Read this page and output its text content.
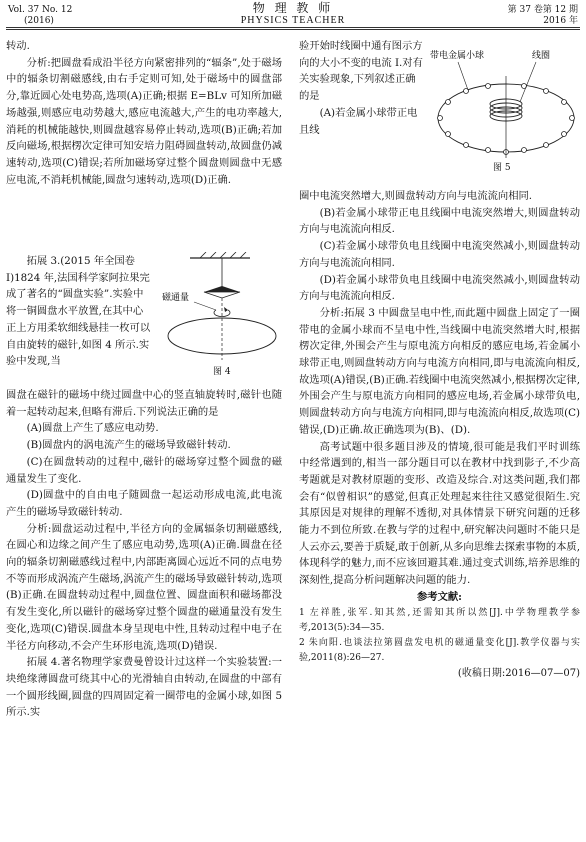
Vol. 37 No. 12
(2016)
物 理 教 师
PHYSICS TEACHER
第 37 卷第 12 期
2016 年

转动.

分析:把圆盘看成沿半径方向紧密排列的“辐条”,处于磁场中的辐条切割磁感线,由右手定则可知,处于磁场中的圆盘部分,靠近圆心处电势高,选项(A)正确;根据 E=BLv 可知所加磁场越强,则感应电动势越大,感应电流越大,产生的电功率越大,消耗的机械能越快,则圆盘越容易停止转动,选项(B)正确;若加反向磁场,根据楞次定律可知安培力阻碍圆盘转动,故圆盘仍减速转动,选项(C)错误;若所加磁场穿过整个圆盘则圆盘中无感应电流,不消耗机械能,圆盘匀速转动,选项(D)正确.

拓展 3.(2015 年全国卷Ⅰ)1824 年,法国科学家阿拉果完成了著名的“圆盘实验”.实验中将一铜圆盘水平放置,在其中心正上方用柔软细线悬挂一枚可以自由旋转的磁针,如图 4 所示.实验中发现,当

磁通量
图 4

圆盘在磁针的磁场中绕过圆盘中心的竖直轴旋转时,磁针也随着一起转动起来,但略有滞后.下列说法正确的是

(A)圆盘上产生了感应电动势.

(B)圆盘内的涡电流产生的磁场导致磁针转动.

(C)在圆盘转动的过程中,磁针的磁场穿过整个圆盘的磁通量发生了变化.

(D)圆盘中的自由电子随圆盘一起运动形成电流,此电流产生的磁场导致磁针转动.

分析:圆盘运动过程中,半径方向的金属辐条切割磁感线,在圆心和边缘之间产生了感应电动势,选项(A)正确.圆盘在径向的辐条切割磁感线过程中,内部距离圆心远近不同的点电势不等而形成涡流产生磁场,涡流产生的磁场导致磁针转动,选项(B)正确.在圆盘转动过程中,圆盘位置、圆盘面积和磁场都没有发生变化,所以磁针的磁场穿过整个圆盘的磁通量没有发生变化,选项(C)错误.圆盘本身呈现电中性,且转动过程中电子在半径方向移动,不会产生环形电流,选项(D)错误.

拓展 4.著名物理学家费曼曾设计过这样一个实验装置:一块绝缘薄圆盘可绕其中心的光滑轴自由转动,在圆盘的中部有一个圆形线圈,圆盘的四周固定着一圈带电的金属小球,如图 5 所示.实

验开始时线圈中通有图示方向的大小不变的电流 I.对有关实验现象,下列叙述正确的是

(A)若金属小球带正电且线

带电金属小球	线圈
图 5

圈中电流突然增大,则圆盘转动方向与电流流向相同.

(B)若金属小球带正电且线圈中电流突然增大,则圆盘转动方向与电流流向相反.

(C)若金属小球带负电且线圈中电流突然减小,则圆盘转动方向与电流流向相同.

(D)若金属小球带负电且线圈中电流突然减小,则圆盘转动方向与电流流向相反.

分析:拓展 3 中圆盘呈电中性,而此题中圆盘上固定了一圈带电的金属小球而不呈电中性,当线圈中电流突然增大时,根据楞次定律,外围会产生与原电流方向相反的感应电场,若金属小球带正电,则圆盘转动方向与电流方向相同,即与电流流向相反,故选项(A)错误,(B)正确.若线圈中电流突然减小,根据楞次定律,外围会产生与原电流方向相同的感应电场,若金属小球带负电,则圆盘转动方向与电流方向相同,即与电流流向相反,故选项(C)错误,(D)正确.故正确选项为(B)、(D).

高考试题中很多题目涉及的情境,很可能是我们平时训练中经常遇到的,相当一部分题目可以在教材中找到影子,不少高考题就是对教材原题的变形、改造及综合.对这类问题,我们都会有“似曾相识”的感觉,但真正处理起来往往又感觉很陌生.究其原因是对规律的理解不透彻,对具体情景下研究问题的迁移能力不到位所致.在教与学的过程中,研究解决问题时不能只是人云亦云,要善于质疑,敢于创新,从多向思维去探索事物的本质,体现科学的魅力,而不应该回避其难.通过变式训练,培养思维的深刻性,提高分析问题解决问题的能力.

参考文献:

1 左祥胜,张军.知其然,还需知其所以然[J].中学物理教学参考,2013(5):34—35.

2 朱向阳.也谈法拉第圆盘发电机的磁通量变化[J].教学仪器与实验,2011(8):26—27.

(收稿日期:2016—07—07)
